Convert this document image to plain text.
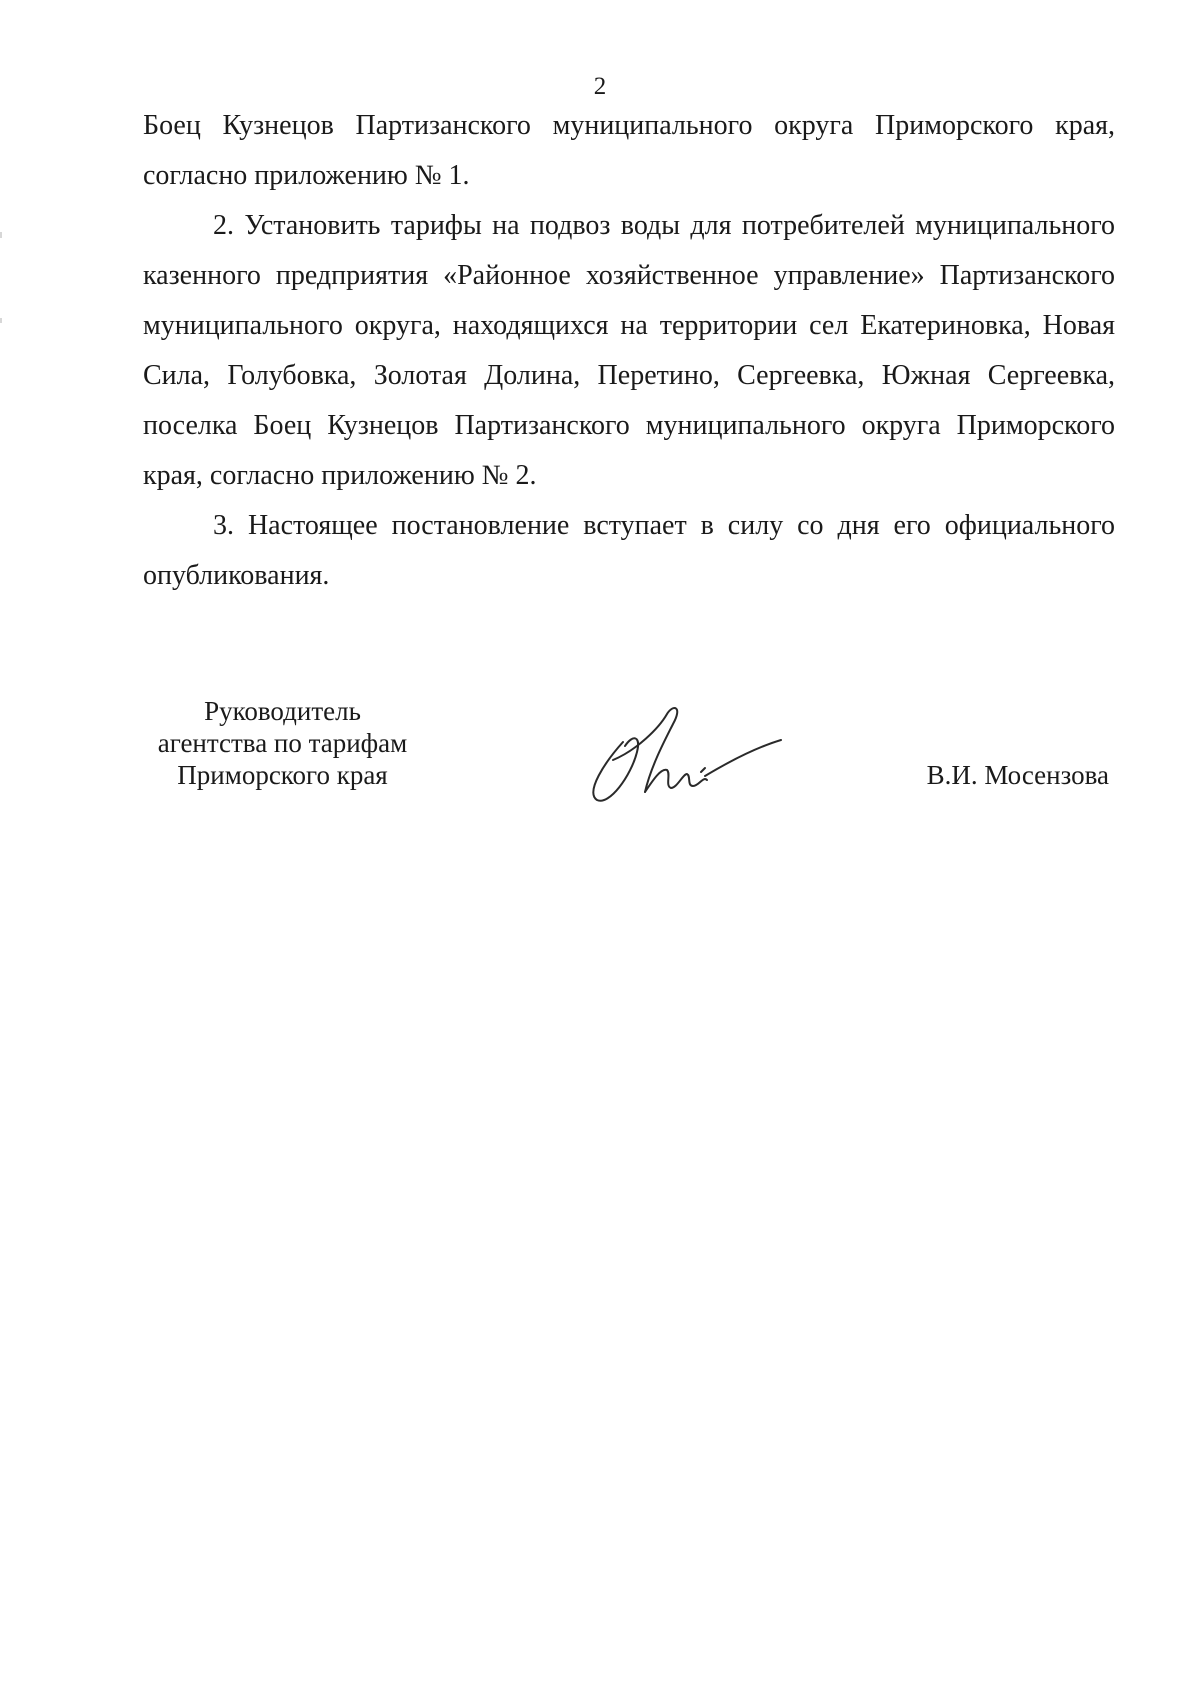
2

Боец Кузнецов Партизанского муниципального округа Приморского края, согласно приложению № 1.

2. Установить тарифы на подвоз воды для потребителей муниципального казенного предприятия «Районное хозяйственное управление» Партизанского муниципального округа, находящихся на территории сел Екатериновка, Новая Сила, Голубовка, Золотая Долина, Перетино, Сергеевка, Южная Сергеевка, поселка Боец Кузнецов Партизанского муниципального округа Приморского края, согласно приложению № 2.

3. Настоящее постановление вступает в силу со дня его официального опубликования.

Руководитель
агентства по тарифам
Приморского края	В.И. Мосензова
